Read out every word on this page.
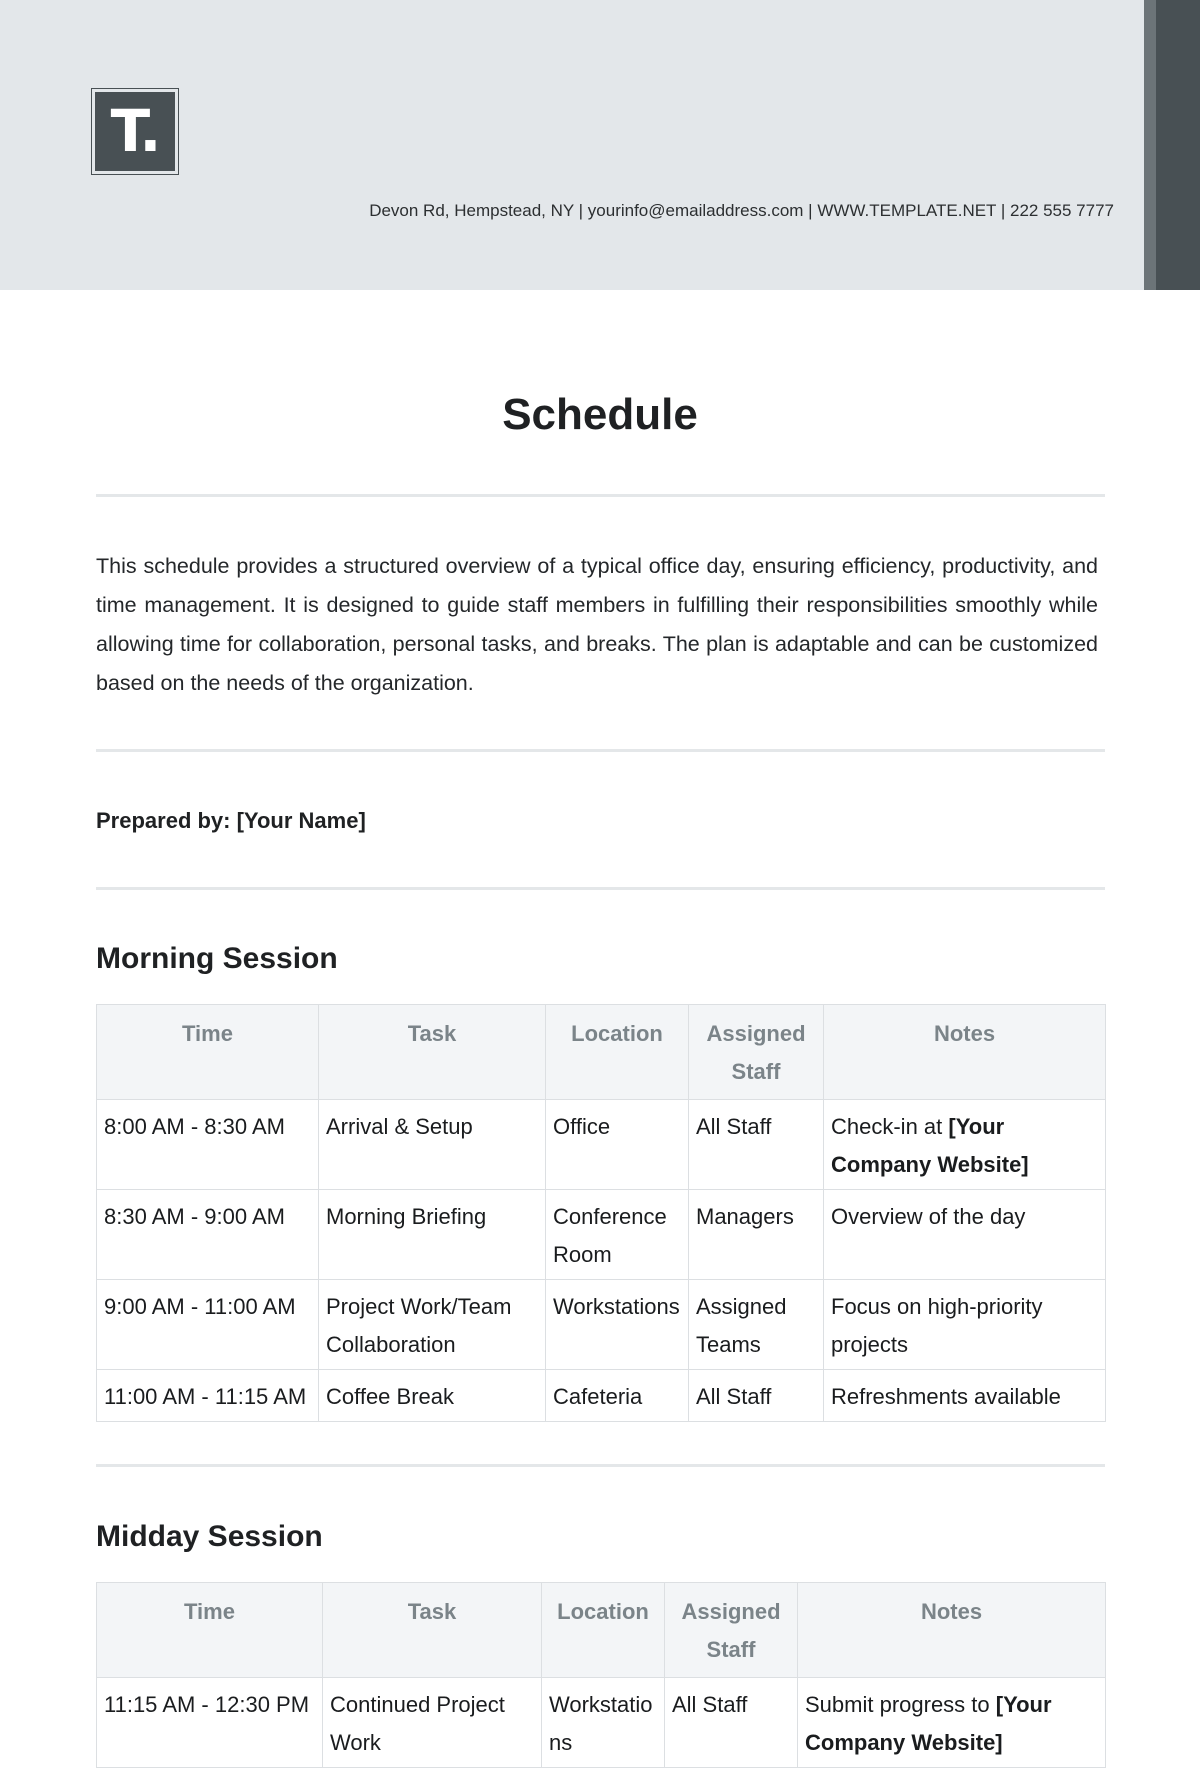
T.
Devon Rd, Hempstead, NY | yourinfo@emailaddress.com | WWW.TEMPLATE.NET | 222 555 7777
Schedule

This schedule provides a structured overview of a typical office day, ensuring efficiency, productivity, and time management. It is designed to guide staff members in fulfilling their responsibilities smoothly while allowing time for collaboration, personal tasks, and breaks. The plan is adaptable and can be customized based on the needs of the organization.

Prepared by: [Your Name]
Morning Session
Time	Task	Location	Assigned Staff	Notes
8:00 AM - 8:30 AM	Arrival & Setup	Office	All Staff	Check-in at [Your Company Website]
8:30 AM - 9:00 AM	Morning Briefing	Conference Room	Managers	Overview of the day
9:00 AM - 11:00 AM	Project Work/Team Collaboration	Workstations	Assigned Teams	Focus on high-priority projects
11:00 AM - 11:15 AM	Coffee Break	Cafeteria	All Staff	Refreshments available
Midday Session
Time	Task	Location	Assigned Staff	Notes
11:15 AM - 12:30 PM	Continued Project Work	Workstations	All Staff	Submit progress to [Your Company Website]
